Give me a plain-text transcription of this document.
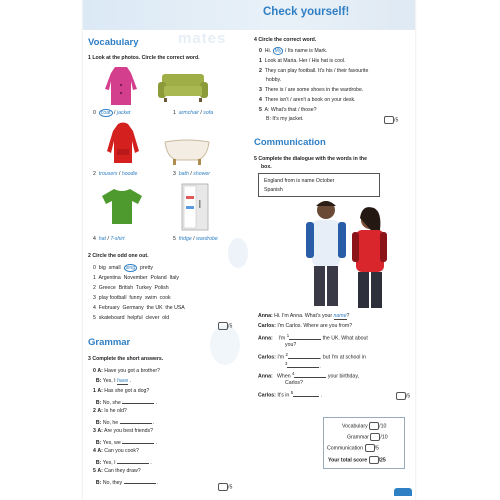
Check yourself!
mates
Vocabulary
1 Look at the photos. Circle the correct word.
0 coat / jacket	1 armchair / sofa
2 trousers / hoodie	3 bath / shower
4 hat / T-shirt	5 fridge / wardrobe
2 Circle the odd one out.
0 big small sing pretty
1 Argentina November Poland Italy
2 Greece British Turkey Polish
3 play football funny swim cook
4 February Germany the UK the USA
5 skateboard helpful clever old
/5
Grammar
3 Complete the short answers.
0 A: Have you got a brother?
B: Yes, I have .
1 A: Has she got a dog?
B: No, she	.
2 A: Is he old?
B: No, he	.
3 A: Are you best friends?
B: Yes, we	.
4 A: Can you cook?
B: Yes, I	.
5 A: Can they draw?
B: No, they	.
/5
4 Circle the correct word.
0  Hi. My / Its name is Mark.
1 Look at Maria. Her / His hat is cool.
2 They can play football. It's his / their favourite
hobby.
3 There is / are some shoes in the wardrobe.
4 There isn't / aren't a book on your desk.
5 A: What's that / those?
B: It's my jacket.	/5
Communication
5 Complete the dialogue with the words in the
box.
England from is name October
Spanish
Anna: Hi. I'm Anna. What's your name?
Carlos: I'm Carlos. Where are you from?
Anna: I'm $^1$ the UK. What about
you?
Carlos: I'm $^2$, but I'm at school in
$^3$.
Anna: When $^4$ your birthday,
Carlos?
Carlos: It's in $^5$ .	/5
Vocabulary /10
Grammar /10
Communication /5
Your total score /25
